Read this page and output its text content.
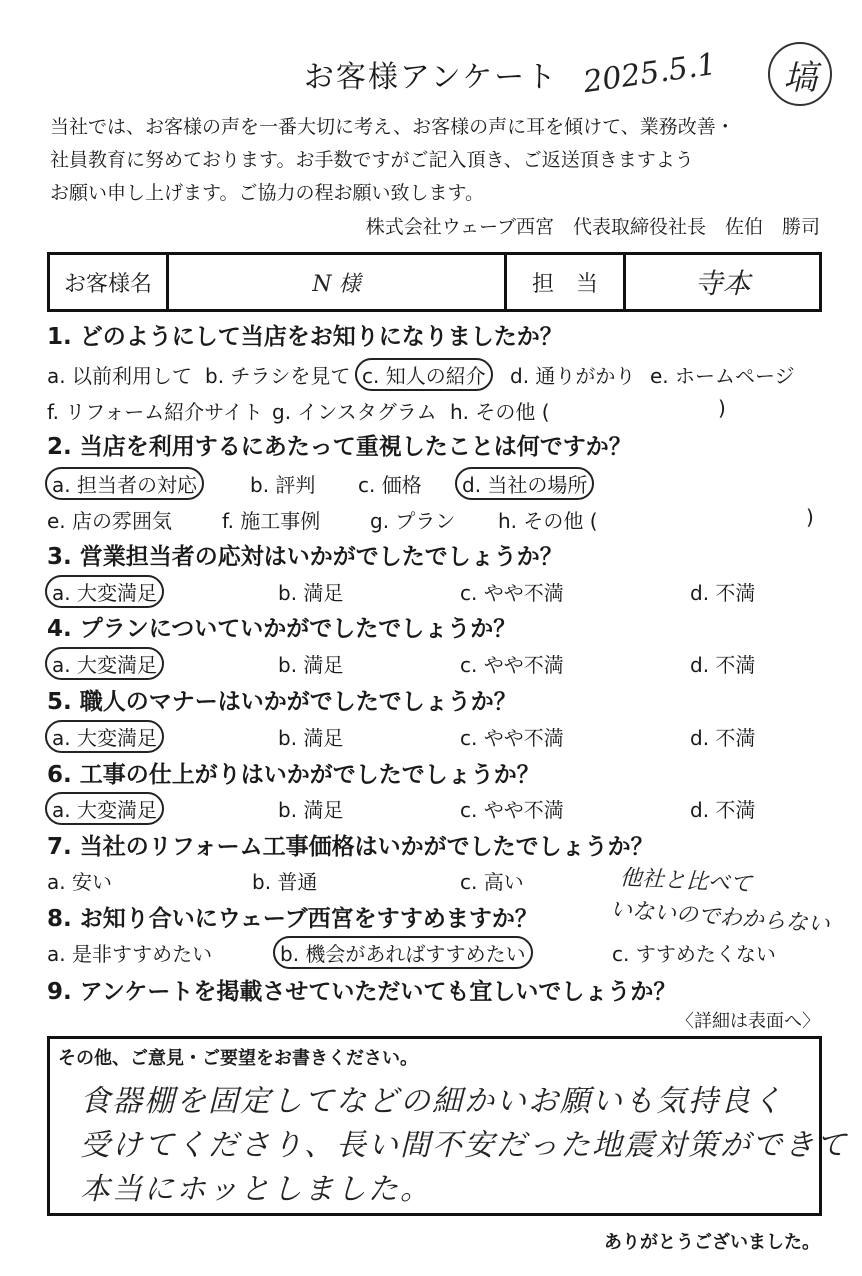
お客様アンケート 2025.5.1	塙
当社では、お客様の声を一番大切に考え、お客様の声に耳を傾けて、業務改善・
社員教育に努めております。お手数ですがご記入頂き、ご返送頂きますよう
お願い申し上げます。ご協力の程お願い致します。
株式会社ウェーブ西宮　代表取締役社長　佐伯　勝司
お客様名	N 様	担　当	寺本
1. どのようにして当店をお知りになりましたか？
a. 以前利用して b. チラシを見て c. 知人の紹介	d. 通りがかり e. ホームページ
f. リフォーム紹介サイト g. インスタグラム h. その他 (	)
2. 当店を利用するにあたって重視したことは何ですか？
a. 担当者の対応	b. 評判 c. 価格	d. 当社の場所
e. 店の雰囲気 f. 施工事例 g. プラン h. その他 (	)
3. 営業担当者の応対はいかがでしたでしょうか？
a. 大変満足	b. 満足	c. やや不満	d. 不満
4. プランについていかがでしたでしょうか？
a. 大変満足	b. 満足	c. やや不満	d. 不満
5. 職人のマナーはいかがでしたでしょうか？
a. 大変満足	b. 満足	c. やや不満	d. 不満
6. 工事の仕上がりはいかがでしたでしょうか？
a. 大変満足	b. 満足	c. やや不満	d. 不満
7. 当社のリフォーム工事価格はいかがでしたでしょうか？
a. 安い	b. 普通	c. 高い	他社と比べて
いないのでわからない
8. お知り合いにウェーブ西宮をすすめますか？
a. 是非すすめたい	b. 機会があればすすめたい	c. すすめたくない
9. アンケートを掲載させていただいても宜しいでしょうか？
〈詳細は表面へ〉
その他、ご意見・ご要望をお書きください。
食器棚を固定してなどの細かいお願いも気持良く
受けてくださり、長い間不安だった地震対策ができて
本当にホッとしました。
ありがとうございました。
